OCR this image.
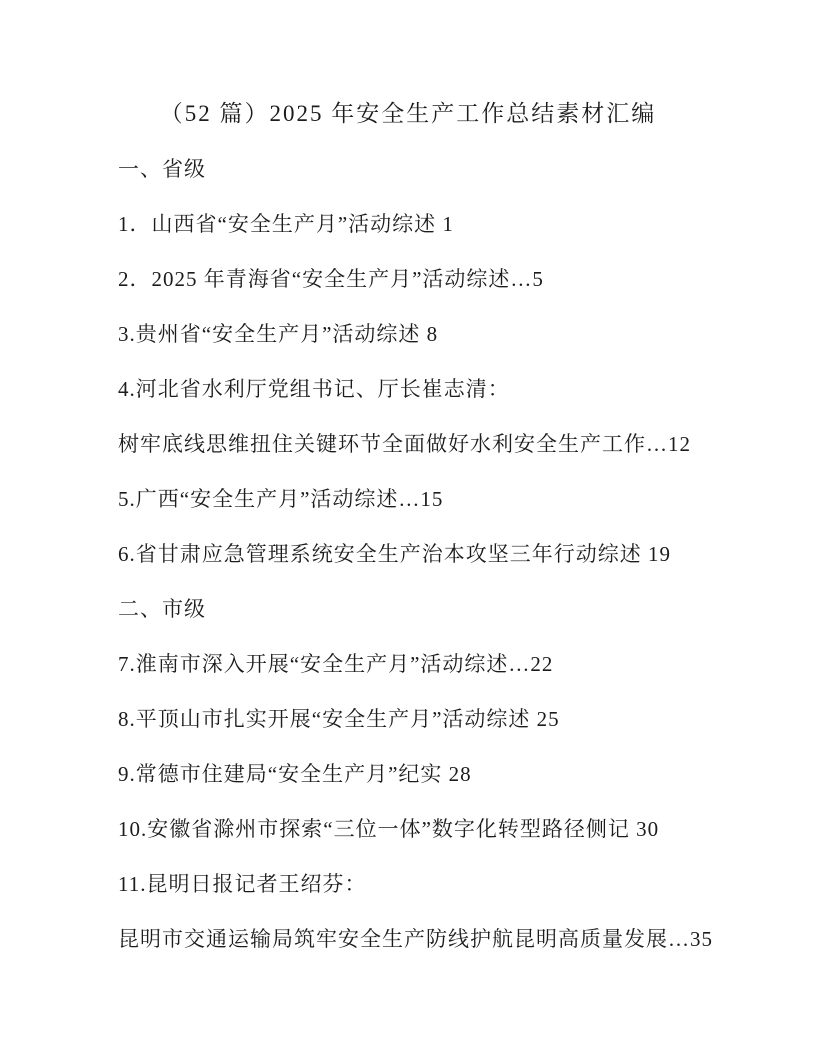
（52 篇）2025 年安全生产工作总结素材汇编
一、省级
1．山西省“安全生产月”活动综述 1
2．2025 年青海省“安全生产月”活动综述…5
3.贵州省“安全生产月”活动综述 8
4.河北省水利厅党组书记、厅长崔志清：
树牢底线思维扭住关键环节全面做好水利安全生产工作…12
5.广西“安全生产月”活动综述…15
6.省甘肃应急管理系统安全生产治本攻坚三年行动综述 19
二、市级
7.淮南市深入开展“安全生产月”活动综述…22
8.平顶山市扎实开展“安全生产月”活动综述 25
9.常德市住建局“安全生产月”纪实 28
10.安徽省滁州市探索“三位一体”数字化转型路径侧记 30
11.昆明日报记者王绍芬：
昆明市交通运输局筑牢安全生产防线护航昆明高质量发展…35
